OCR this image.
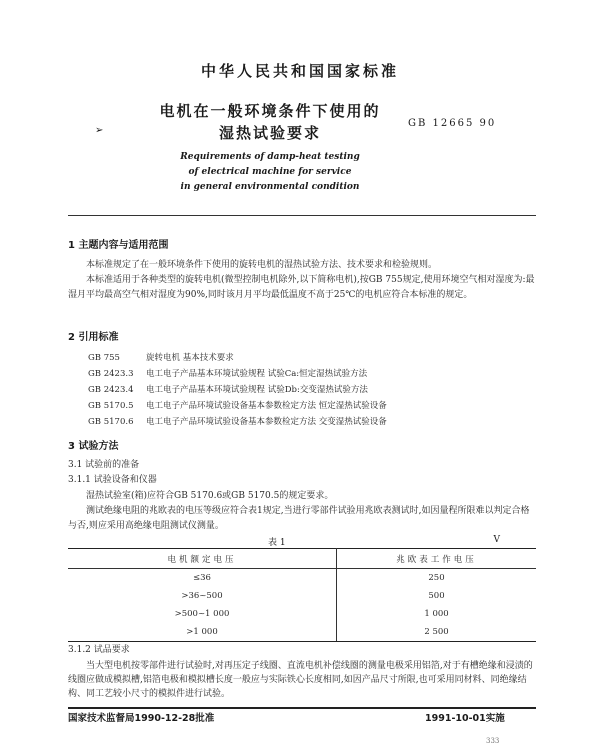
中华人民共和国国家标准
➢
电机在一般环境条件下使用的
湿热试验要求
GB 12665 90
Requirements of damp-heat testing
of electrical machine for service
in general environmental condition
1 主题内容与适用范围
本标准规定了在一般环境条件下使用的旋转电机的湿热试验方法、技术要求和检验规则。
本标准适用于各种类型的旋转电机(微型控制电机除外,以下简称电机),按GB 755规定,使用环境空气相对湿度为:最湿月平均最高空气相对湿度为90%,同时该月月平均最低温度不高于25℃的电机应符合本标准的规定。
2 引用标准
GB 755	旋转电机 基本技术要求
GB 2423.3 电工电子产品基本环境试验规程 试验Ca:恒定湿热试验方法
GB 2423.4 电工电子产品基本环境试验规程 试验Db:交变湿热试验方法
GB 5170.5 电工电子产品环境试验设备基本参数检定方法 恒定湿热试验设备
GB 5170.6 电工电子产品环境试验设备基本参数检定方法 交变湿热试验设备
3 试验方法
3.1 试验前的准备
3.1.1 试验设备和仪器
湿热试验室(箱)应符合GB 5170.6或GB 5170.5的规定要求。
测试绝缘电阻的兆欧表的电压等级应符合表1规定,当进行零部件试验用兆欧表测试时,如因量程所限难以判定合格与否,则应采用高绝缘电阻测试仪测量。
表 1	V
电机额定电压	兆欧表工作电压
≤36	250
>36~500	500
>500~1 000	1 000
>1 000	2 500
3.1.2 试品要求
当大型电机按零部件进行试验时,对再压定子线圈、直流电机补偿线圈的测量电极采用铝箔,对于有槽绝缘和浸渍的线圈应做成模拟槽,铝箔电极和模拟槽长度一般应与实际铁心长度相同,如因产品尺寸所限,也可采用同材料、同绝缘结构、同工艺较小尺寸的模拟件进行试验。
国家技术监督局1990-12-28批准	1991-10-01实施
333
